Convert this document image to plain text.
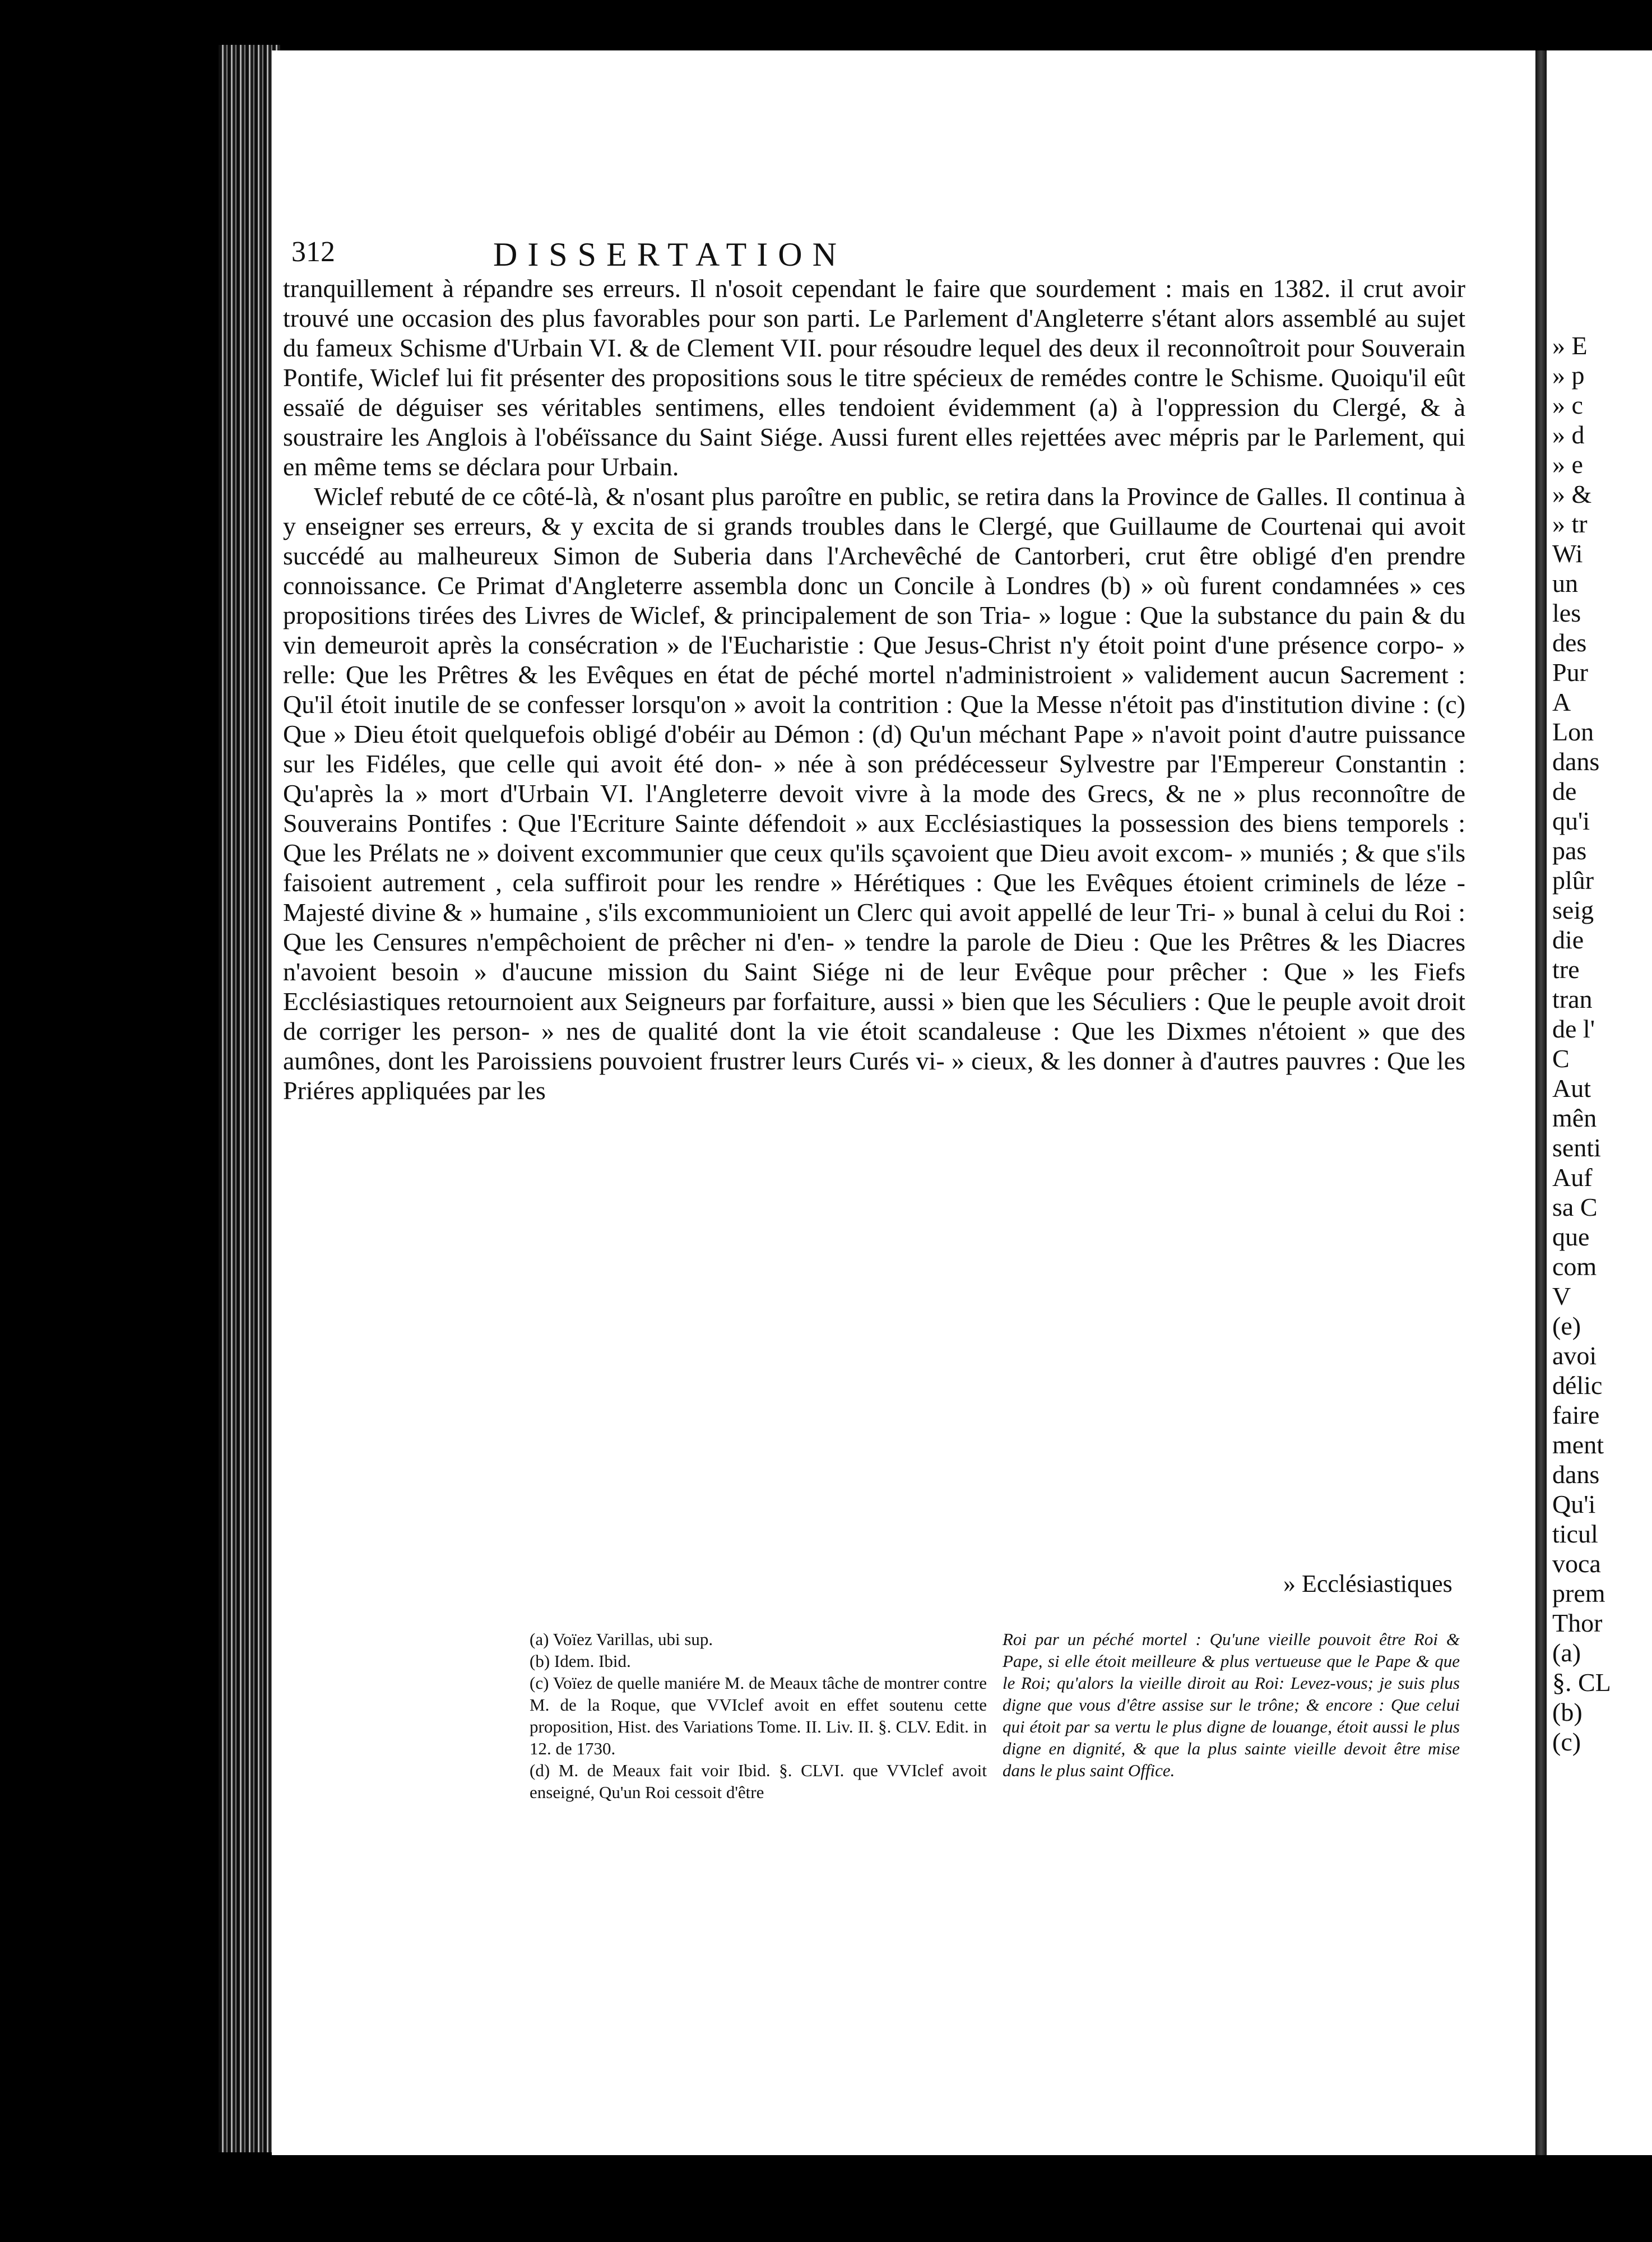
» E
» p
» c
» d
» e
» &
» tr
Wi
un
les
des
Pur
A
Lon
dans
de
qu'i
pas
plûr
seig
die
tre
tran
de l'
C
Aut
mên
senti
Auf
sa C
que
com
V
(e)
avoi
délic
faire
ment
dans
Qu'i
ticul
voca
prem
Thor
(a)
§. CL
(b)
(c)
312	DISSERTATION

tranquillement à répandre ses erreurs. Il n'osoit cependant le faire que sourdement : mais en 1382. il crut avoir trouvé une occasion des plus favorables pour son parti. Le Parlement d'Angleterre s'étant alors assemblé au sujet du fameux Schisme d'Urbain VI. & de Clement VII. pour résoudre lequel des deux il reconnoîtroit pour Souverain Pontife, Wiclef lui fit présenter des propositions sous le titre spécieux de remédes contre le Schisme. Quoiqu'il eût essaïé de déguiser ses véritables sentimens, elles tendoient évidemment (a) à l'oppression du Clergé, & à soustraire les Anglois à l'obéïssance du Saint Siége. Aussi furent elles rejettées avec mépris par le Parlement, qui en même tems se déclara pour Urbain.

Wiclef rebuté de ce côté-là, & n'osant plus paroître en public, se retira dans la Province de Galles. Il continua à y enseigner ses erreurs, & y excita de si grands troubles dans le Clergé, que Guillaume de Courtenai qui avoit succédé au malheureux Simon de Suberia dans l'Archevêché de Cantorberi, crut être obligé d'en prendre connoissance. Ce Primat d'Angleterre assembla donc un Concile à Londres (b) » où furent condamnées » ces propositions tirées des Livres de Wiclef, & principalement de son Tria- » logue : Que la substance du pain & du vin demeuroit après la consécration » de l'Eucharistie : Que Jesus-Christ n'y étoit point d'une présence corpo- » relle: Que les Prêtres & les Evêques en état de péché mortel n'administroient » validement aucun Sacrement : Qu'il étoit inutile de se confesser lorsqu'on » avoit la contrition : Que la Messe n'étoit pas d'institution divine : (c) Que » Dieu étoit quelquefois obligé d'obéir au Démon : (d) Qu'un méchant Pape » n'avoit point d'autre puissance sur les Fidéles, que celle qui avoit été don- » née à son prédécesseur Sylvestre par l'Empereur Constantin : Qu'après la » mort d'Urbain VI. l'Angleterre devoit vivre à la mode des Grecs, & ne » plus reconnoître de Souverains Pontifes : Que l'Ecriture Sainte défendoit » aux Ecclésiastiques la possession des biens temporels : Que les Prélats ne » doivent excommunier que ceux qu'ils sçavoient que Dieu avoit excom- » muniés ; & que s'ils faisoient autrement , cela suffiroit pour les rendre » Hérétiques : Que les Evêques étoient criminels de léze - Majesté divine & » humaine , s'ils excommunioient un Clerc qui avoit appellé de leur Tri- » bunal à celui du Roi : Que les Censures n'empêchoient de prêcher ni d'en- » tendre la parole de Dieu : Que les Prêtres & les Diacres n'avoient besoin » d'aucune mission du Saint Siége ni de leur Evêque pour prêcher : Que » les Fiefs Ecclésiastiques retournoient aux Seigneurs par forfaiture, aussi » bien que les Séculiers : Que le peuple avoit droit de corriger les person- » nes de qualité dont la vie étoit scandaleuse : Que les Dixmes n'étoient » que des aumônes, dont les Paroissiens pouvoient frustrer leurs Curés vi- » cieux, & les donner à d'autres pauvres : Que les Priéres appliquées par les

» Ecclésiastiques

(a) Voïez Varillas, ubi sup.

(b) Idem. Ibid.

(c) Voïez de quelle maniére M. de Meaux tâche de montrer contre M. de la Roque, que VVIclef avoit en effet soutenu cette proposition, Hist. des Variations Tome. II. Liv. II. §. CLV. Edit. in 12. de 1730.

(d) M. de Meaux fait voir Ibid. §. CLVI. que VVIclef avoit enseigné, Qu'un Roi cessoit d'être

Roi par un péché mortel : Qu'une vieille pouvoit être Roi & Pape, si elle étoit meilleure & plus vertueuse que le Pape & que le Roi; qu'alors la vieille diroit au Roi: Levez-vous; je suis plus digne que vous d'être assise sur le trône; & encore : Que celui qui étoit par sa vertu le plus digne de louange, étoit aussi le plus digne en dignité, & que la plus sainte vieille devoit être mise dans le plus saint Office.
